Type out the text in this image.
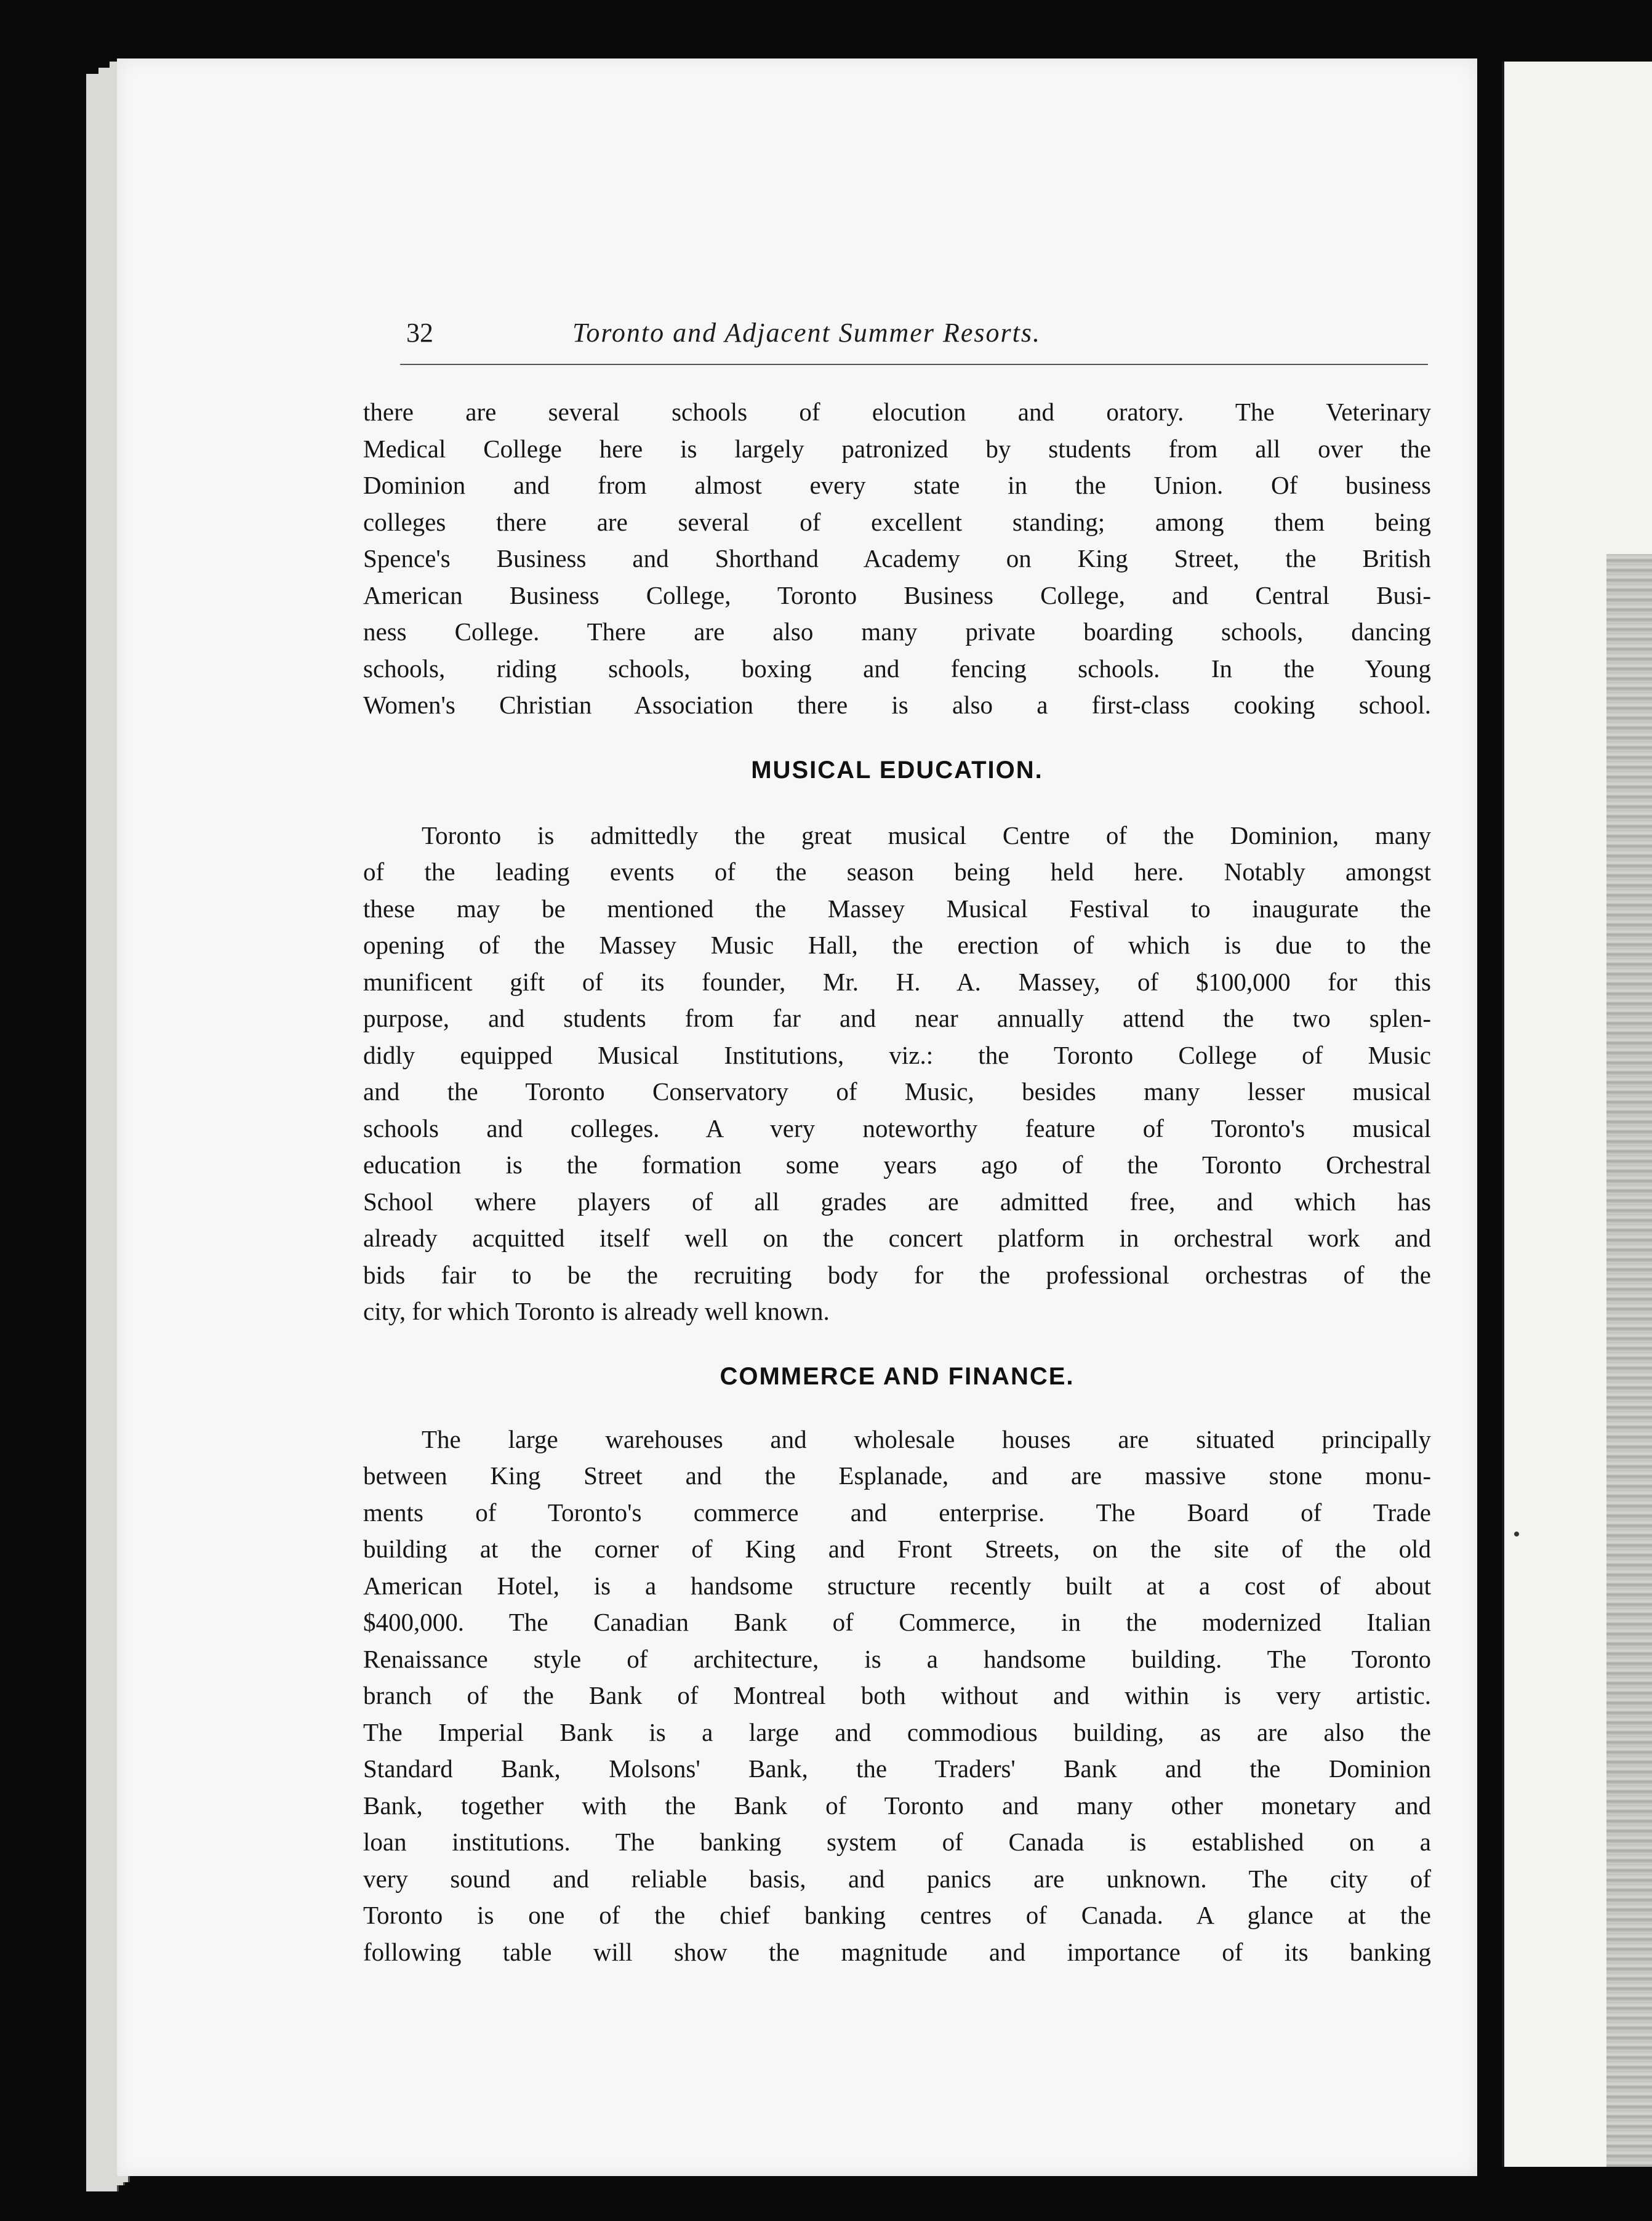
32	Toronto and Adjacent Summer Resorts.
there are several schools of elocution and oratory. The Veterinary
Medical College here is largely patronized by students from all over the
Dominion and from almost every state in the Union. Of business
colleges there are several of excellent standing; among them being
Spence's Business and Shorthand Academy on King Street, the British
American Business College, Toronto Business College, and Central Busi-
ness College. There are also many private boarding schools, dancing
schools, riding schools, boxing and fencing schools. In the Young
Women's Christian Association there is also a first-class cooking school.
MUSICAL EDUCATION.
Toronto is admittedly the great musical Centre of the Dominion, many
of the leading events of the season being held here. Notably amongst
these may be mentioned the Massey Musical Festival to inaugurate the
opening of the Massey Music Hall, the erection of which is due to the
munificent gift of its founder, Mr. H. A. Massey, of $100,000 for this
purpose, and students from far and near annually attend the two splen-
didly equipped Musical Institutions, viz.: the Toronto College of Music
and the Toronto Conservatory of Music, besides many lesser musical
schools and colleges. A very noteworthy feature of Toronto's musical
education is the formation some years ago of the Toronto Orchestral
School where players of all grades are admitted free, and which has
already acquitted itself well on the concert platform in orchestral work and
bids fair to be the recruiting body for the professional orchestras of the
city, for which Toronto is already well known.
COMMERCE AND FINANCE.
The large warehouses and wholesale houses are situated principally
between King Street and the Esplanade, and are massive stone monu-
ments of Toronto's commerce and enterprise. The Board of Trade
building at the corner of King and Front Streets, on the site of the old
American Hotel, is a handsome structure recently built at a cost of about
$400,000. The Canadian Bank of Commerce, in the modernized Italian
Renaissance style of architecture, is a handsome building. The Toronto
branch of the Bank of Montreal both without and within is very artistic.
The Imperial Bank is a large and commodious building, as are also the
Standard Bank, Molsons' Bank, the Traders' Bank and the Dominion
Bank, together with the Bank of Toronto and many other monetary and
loan institutions. The banking system of Canada is established on a
very sound and reliable basis, and panics are unknown. The city of
Toronto is one of the chief banking centres of Canada. A glance at the
following table will show the magnitude and importance of its banking
